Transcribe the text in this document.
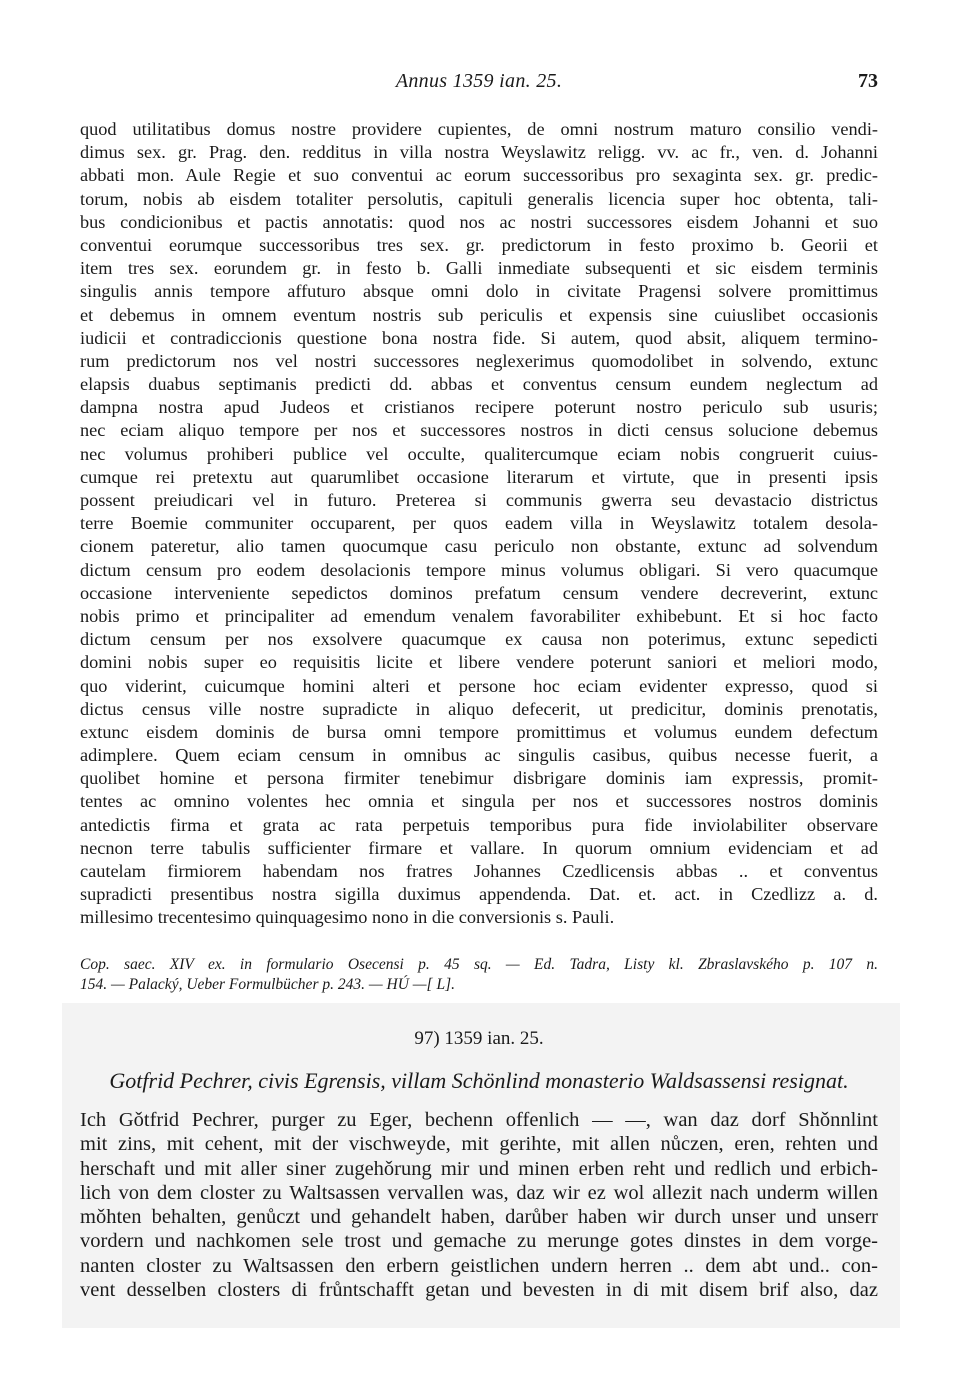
Annus 1359 ian. 25.	73
quod utilitatibus domus nostre providere cupientes, de omni nostrum maturo consilio vendi-
dimus sex. gr. Prag. den. redditus in villa nostra Weyslawitz religg. vv. ac fr., ven. d. Johanni
abbati mon. Aule Regie et suo conventui ac eorum successoribus pro sexaginta sex. gr. predic-
torum, nobis ab eisdem totaliter persolutis, capituli generalis licencia super hoc obtenta, tali-
bus condicionibus et pactis annotatis: quod nos ac nostri successores eisdem Johanni et suo
conventui eorumque successoribus tres sex. gr. predictorum in festo proximo b. Georii et
item tres sex. eorundem gr. in festo b. Galli inmediate subsequenti et sic eisdem terminis
singulis annis tempore affuturo absque omni dolo in civitate Pragensi solvere promittimus
et debemus in omnem eventum nostris sub periculis et expensis sine cuiuslibet occasionis
iudicii et contradiccionis questione bona nostra fide. Si autem, quod absit, aliquem termino-
rum predictorum nos vel nostri successores neglexerimus quomodolibet in solvendo, extunc
elapsis duabus septimanis predicti dd. abbas et conventus censum eundem neglectum ad
dampna nostra apud Judeos et cristianos recipere poterunt nostro periculo sub usuris;
nec eciam aliquo tempore per nos et successores nostros in dicti census solucione debemus
nec volumus prohiberi publice vel occulte, qualitercumque eciam nobis congruerit cuius-
cumque rei pretextu aut quarumlibet occasione literarum et virtute, que in presenti ipsis
possent preiudicari vel in futuro. Preterea si communis gwerra seu devastacio districtus
terre Boemie communiter occuparent, per quos eadem villa in Weyslawitz totalem desola-
cionem pateretur, alio tamen quocumque casu periculo non obstante, extunc ad solvendum
dictum censum pro eodem desolacionis tempore minus volumus obligari. Si vero quacumque
occasione interveniente sepedictos dominos prefatum censum vendere decreverint, extunc
nobis primo et principaliter ad emendum venalem favorabiliter exhibebunt. Et si hoc facto
dictum censum per nos exsolvere quacumque ex causa non poterimus, extunc sepedicti
domini nobis super eo requisitis licite et libere vendere poterunt saniori et meliori modo,
quo viderint, cuicumque homini alteri et persone hoc eciam evidenter expresso, quod si
dictus census ville nostre supradicte in aliquo defecerit, ut predicitur, dominis prenotatis,
extunc eisdem dominis de bursa omni tempore promittimus et volumus eundem defectum
adimplere. Quem eciam censum in omnibus ac singulis casibus, quibus necesse fuerit, a
quolibet homine et persona firmiter tenebimur disbrigare dominis iam expressis, promit-
tentes ac omnino volentes hec omnia et singula per nos et successores nostros dominis
antedictis firma et grata ac rata perpetuis temporibus pura fide inviolabiliter observare
necnon terre tabulis sufficienter firmare et vallare. In quorum omnium evidenciam et ad
cautelam firmiorem habendam nos fratres Johannes Czedlicensis abbas .. et conventus
supradicti presentibus nostra sigilla duximus appendenda. Dat. et. act. in Czedlizz a. d.
millesimo trecentesimo quinquagesimo nono in die conversionis s. Pauli.
Cop. saec. XIV ex. in formulario Osecensi p. 45 sq. — Ed. Tadra, Listy kl. Zbraslavského p. 107 n.
154. — Palacký, Ueber Formulbücher p. 243. — HÚ —[ L].
97) 1359 ian. 25.
Gotfrid Pechrer, civis Egrensis, villam Schönlind monasterio Waldsassensi resignat.
Ich Gǒtfrid Pechrer, purger zu Eger, bechenn offenlich — —, wan daz dorf Shǒnnlint
mit zins, mit cehent, mit der vischweyde, mit gerihte, mit allen nůczen, eren, rehten und
herschaft und mit aller siner zugehǒrung mir und minen erben reht und redlich und erbich-
lich von dem closter zu Waltsassen vervallen was, daz wir ez wol allezit nach underm willen
mǒhten behalten, genůczt und gehandelt haben, darůber haben wir durch unser und unserr
vordern und nachkomen sele trost und gemache zu merunge gotes dinstes in dem vorge-
nanten closter zu Waltsassen den erbern geistlichen undern herren .. dem abt und.. con-
vent desselben closters di frůntschafft getan und bevesten in di mit disem brif also, daz
